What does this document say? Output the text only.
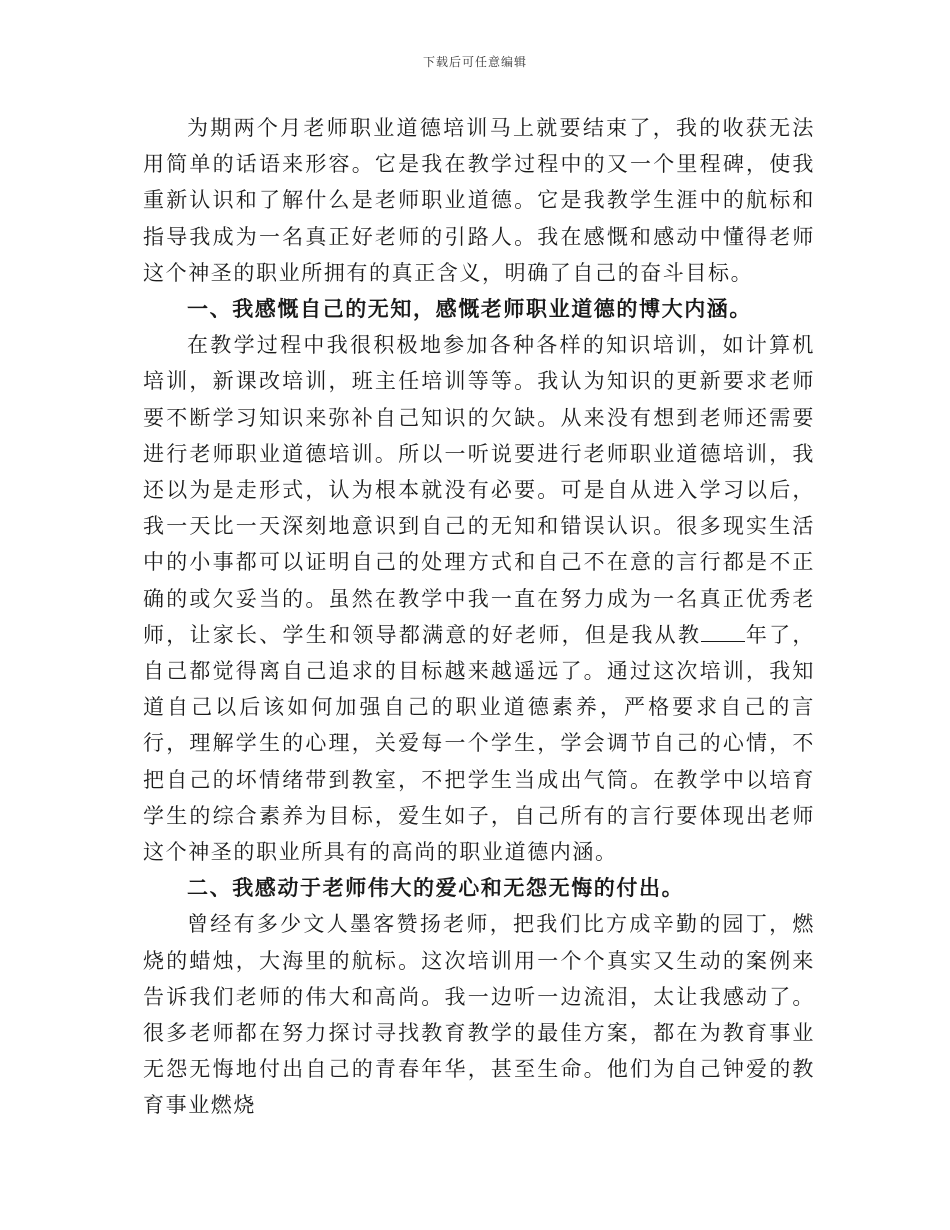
下载后可任意编辑

为期两个月老师职业道德培训马上就要结束了，我的收获无法用简单的话语来形容。它是我在教学过程中的又一个里程碑，使我重新认识和了解什么是老师职业道德。它是我教学生涯中的航标和指导我成为一名真正好老师的引路人。我在感慨和感动中懂得老师这个神圣的职业所拥有的真正含义，明确了自己的奋斗目标。

一、我感慨自己的无知，感慨老师职业道德的博大内涵。

在教学过程中我很积极地参加各种各样的知识培训，如计算机培训，新课改培训，班主任培训等等。我认为知识的更新要求老师要不断学习知识来弥补自己知识的欠缺。从来没有想到老师还需要进行老师职业道德培训。所以一听说要进行老师职业道德培训，我还以为是走形式，认为根本就没有必要。可是自从进入学习以后，我一天比一天深刻地意识到自己的无知和错误认识。很多现实生活中的小事都可以证明自己的处理方式和自己不在意的言行都是不正确的或欠妥当的。虽然在教学中我一直在努力成为一名真正优秀老师，让家长、学生和领导都满意的好老师，但是我从教 年了，自己都觉得离自己追求的目标越来越遥远了。通过这次培训，我知道自己以后该如何加强自己的职业道德素养，严格要求自己的言行，理解学生的心理，关爱每一个学生，学会调节自己的心情，不把自己的坏情绪带到教室，不把学生当成出气筒。在教学中以培育学生的综合素养为目标，爱生如子，自己所有的言行要体现出老师这个神圣的职业所具有的高尚的职业道德内涵。

二、我感动于老师伟大的爱心和无怨无悔的付出。

曾经有多少文人墨客赞扬老师，把我们比方成辛勤的园丁，燃烧的蜡烛，大海里的航标。这次培训用一个个真实又生动的案例来告诉我们老师的伟大和高尚。我一边听一边流泪，太让我感动了。很多老师都在努力探讨寻找教育教学的最佳方案，都在为教育事业无怨无悔地付出自己的青春年华，甚至生命。他们为自己钟爱的教育事业燃烧
